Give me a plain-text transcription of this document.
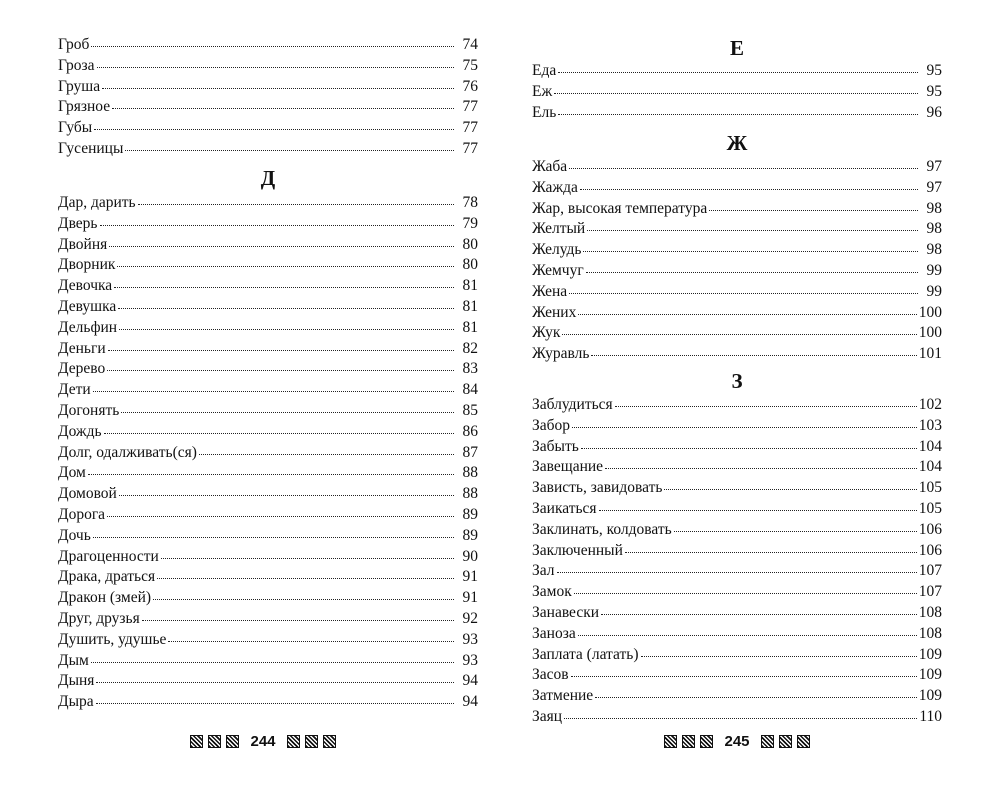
Гроб	74
Гроза	75
Груша	76
Грязное	77
Губы	77
Гусеницы	77
Д
Дар, дарить	78
Дверь	79
Двойня	80
Дворник	80
Девочка	81
Девушка	81
Дельфин	81
Деньги	82
Дерево	83
Дети	84
Догонять	85
Дождь	86
Долг, одалживать(ся)	87
Дом	88
Домовой	88
Дорога	89
Дочь	89
Драгоценности	90
Драка, драться	91
Дракон (змей)	91
Друг, друзья	92
Душить, удушье	93
Дым	93
Дыня	94
Дыра	94
244
Е
Еда	95
Еж	95
Ель	96
Ж
Жаба	97
Жажда	97
Жар, высокая температура	98
Желтый	98
Желудь	98
Жемчуг	99
Жена	99
Жених	100
Жук	100
Журавль	101
З
Заблудиться	102
Забор	103
Забыть	104
Завещание	104
Зависть, завидовать	105
Заикаться	105
Заклинать, колдовать	106
Заключенный	106
Зал	107
Замок	107
Занавески	108
Заноза	108
Заплата (латать)	109
Засов	109
Затмение	109
Заяц	110
245
